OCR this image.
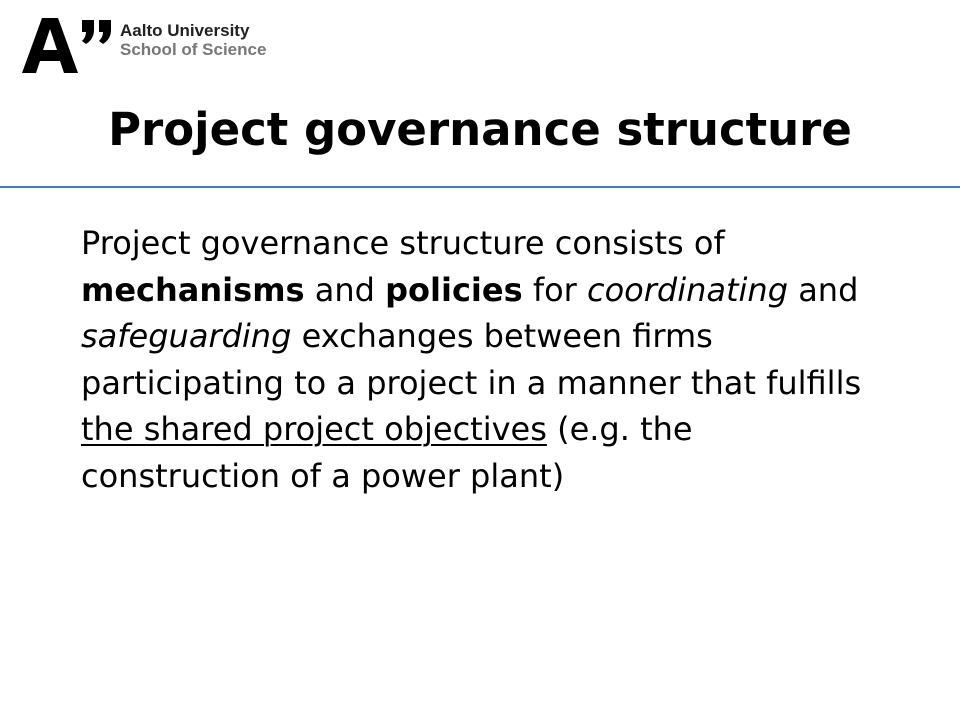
Aalto University
School of Science
Project governance structure

Project governance structure consists of mechanisms and policies for coordinating and safeguarding exchanges between firms participating to a project in a manner that fulfills the shared project objectives (e.g. the construction of a power plant)
